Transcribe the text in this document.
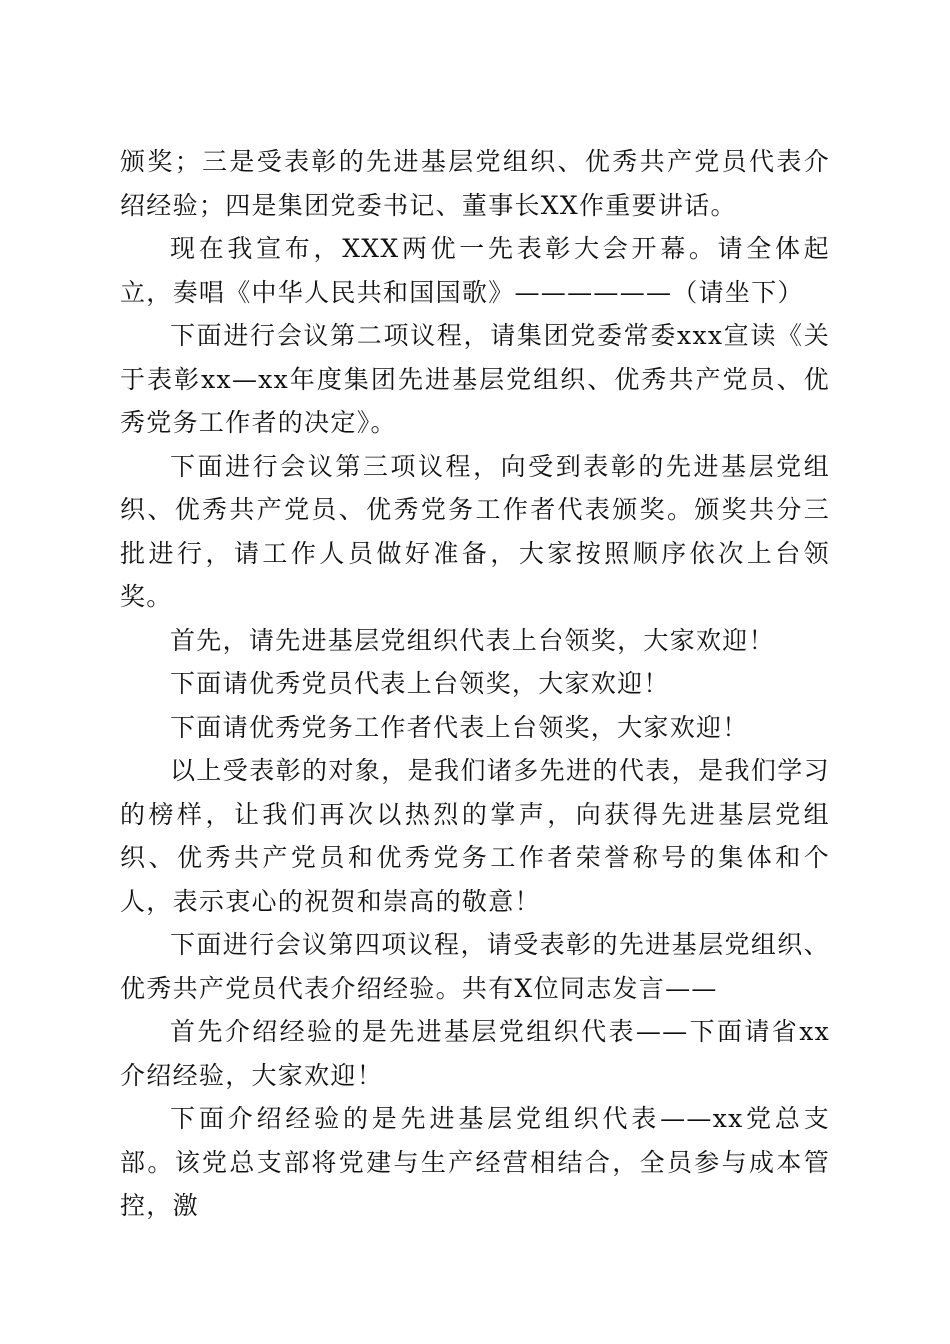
颁奖；三是受表彰的先进基层党组织、优秀共产党员代表介绍经验；四是集团党委书记、董事长XX作重要讲话。

现在我宣布，XXX两优一先表彰大会开幕。请全体起立，奏唱《中华人民共和国国歌》——————（请坐下）

下面进行会议第二项议程，请集团党委常委xxx宣读《关于表彰xx—xx年度集团先进基层党组织、优秀共产党员、优秀党务工作者的决定》。

下面进行会议第三项议程，向受到表彰的先进基层党组织、优秀共产党员、优秀党务工作者代表颁奖。颁奖共分三批进行，请工作人员做好准备，大家按照顺序依次上台领奖。

首先，请先进基层党组织代表上台领奖，大家欢迎！

下面请优秀党员代表上台领奖，大家欢迎！

下面请优秀党务工作者代表上台领奖，大家欢迎！

以上受表彰的对象，是我们诸多先进的代表，是我们学习的榜样，让我们再次以热烈的掌声，向获得先进基层党组织、优秀共产党员和优秀党务工作者荣誉称号的集体和个人，表示衷心的祝贺和崇高的敬意！

下面进行会议第四项议程，请受表彰的先进基层党组织、优秀共产党员代表介绍经验。共有X位同志发言——

首先介绍经验的是先进基层党组织代表——下面请省xx介绍经验，大家欢迎！

下面介绍经验的是先进基层党组织代表——xx党总支部。该党总支部将党建与生产经营相结合，全员参与成本管控，激
